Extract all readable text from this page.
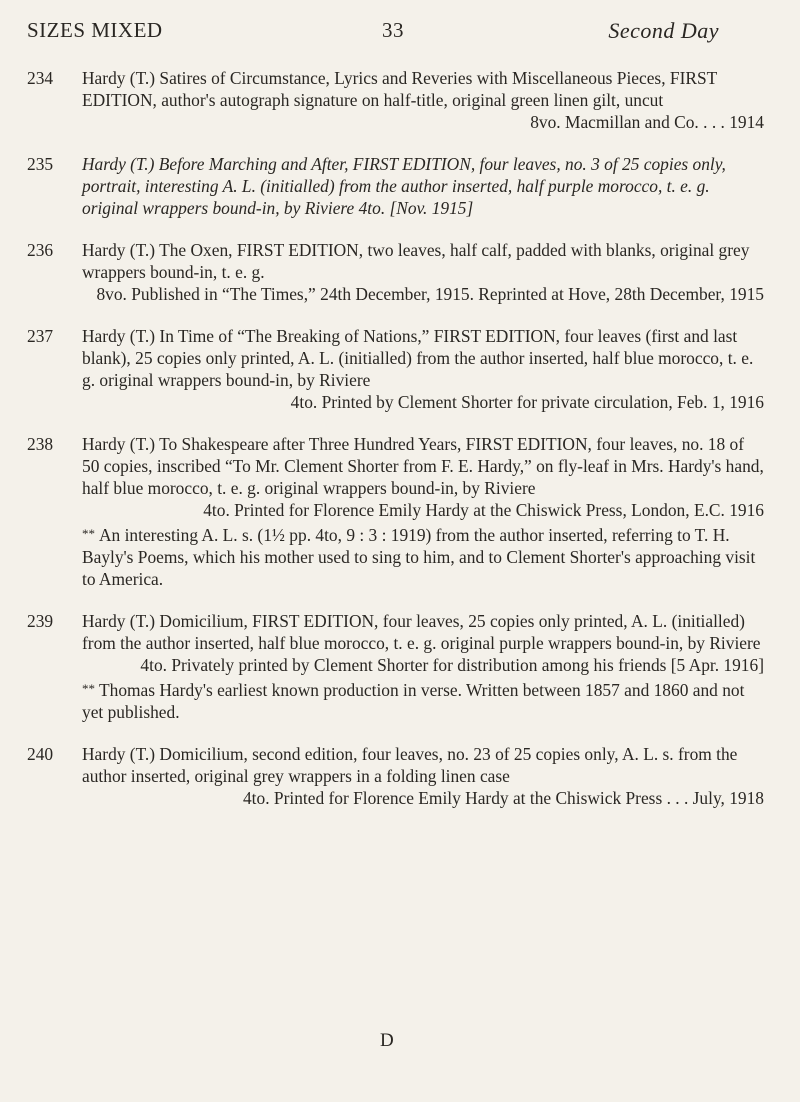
SIZES MIXED	33	Second Day
234 Hardy (T.) Satires of Circumstance, Lyrics and Reveries with Miscellaneous Pieces, FIRST EDITION, author's autograph signature on half-title, original green linen gilt, uncut
8vo. Macmillan and Co. . . . 1914
235 Hardy (T.) Before Marching and After, FIRST EDITION, four leaves, no. 3 of 25 copies only, portrait, interesting A. L. (initialled) from the author inserted, half purple morocco, t. e. g. original wrappers bound-in, by Riviere 4to. [Nov. 1915]
236 Hardy (T.) The Oxen, FIRST EDITION, two leaves, half calf, padded with blanks, original grey wrappers bound-in, t. e. g.
8vo. Published in “The Times,” 24th December, 1915. Reprinted at Hove, 28th December, 1915
237 Hardy (T.) In Time of “The Breaking of Nations,” FIRST EDITION, four leaves (first and last blank), 25 copies only printed, A. L. (initialled) from the author inserted, half blue morocco, t. e. g. original wrappers bound-in, by Riviere
4to. Printed by Clement Shorter for private circulation, Feb. 1, 1916
238 Hardy (T.) To Shakespeare after Three Hundred Years, FIRST EDITION, four leaves, no. 18 of 50 copies, inscribed “To Mr. Clement Shorter from F. E. Hardy,” on fly-leaf in Mrs. Hardy's hand, half blue morocco, t. e. g. original wrappers bound-in, by Riviere
4to. Printed for Florence Emily Hardy at the Chiswick Press, London, E.C. 1916
** An interesting A. L. s. (1½ pp. 4to, 9 : 3 : 1919) from the author inserted, referring to T. H. Bayly's Poems, which his mother used to sing to him, and to Clement Shorter's approaching visit to America.
239 Hardy (T.) Domicilium, FIRST EDITION, four leaves, 25 copies only printed, A. L. (initialled) from the author inserted, half blue morocco, t. e. g. original purple wrappers bound-in, by Riviere
4to. Privately printed by Clement Shorter for distribution among his friends [5 Apr. 1916]
** Thomas Hardy's earliest known production in verse. Written between 1857 and 1860 and not yet published.
240 Hardy (T.) Domicilium, second edition, four leaves, no. 23 of 25 copies only, A. L. s. from the author inserted, original grey wrappers in a folding linen case
4to. Printed for Florence Emily Hardy at the Chiswick Press . . . July, 1918
D
